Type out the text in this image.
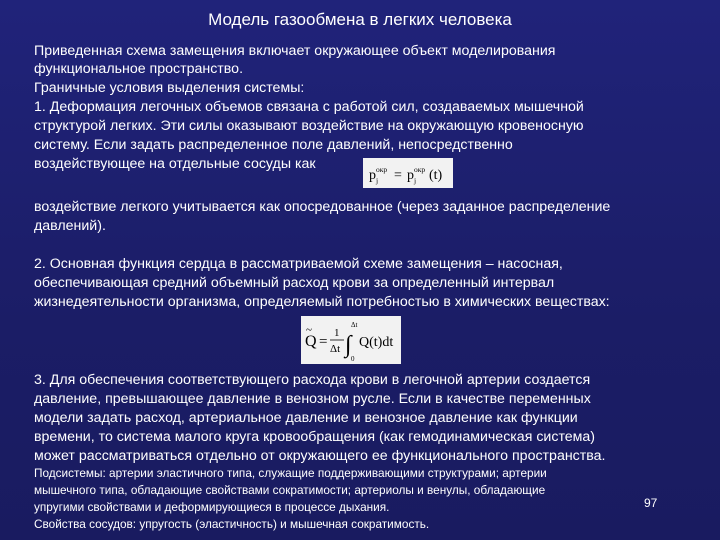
Модель газообмена в легких человека
Приведенная схема замещения включает окружающее объект моделирования
функциональное пространство.
Граничные условия выделения системы:
1. Деформация легочных объемов связана с работой сил, создаваемых мышечной
структурой легких. Эти силы оказывают воздействие на окружающую кровеносную
систему. Если задать распределенное поле давлений, непосредственно
воздействующее на отдельные сосуды как
p окр
j = p окр
j (t)
воздействие легкого учитывается как опосредованное (через заданное распределение
давлений).
2. Основная функция сердца в рассматриваемой схеме замещения – насосная,
обеспечивающая средний объемный расход крови за определенный интервал
жизнедеятельности организма, определяемый потребностью в химических веществах:
Q
~
=
1
Δt ∫
Δt
0
Q(t)dt
3. Для обеспечения соответствующего расхода крови в легочной артерии создается
давление, превышающее давление в венозном русле. Если в качестве переменных
модели задать расход, артериальное давление и венозное давление как функции
времени, то система малого круга кровообращения (как гемодинамическая система)
может рассматриваться отдельно от окружающего ее функционального пространства.
Подсистемы: артерии эластичного типа, служащие поддерживающими структурами; артерии
мышечного типа, обладающие свойствами сократимости; артериолы и венулы, обладающие
упругими свойствами и деформирующиеся в процессе дыхания.
Свойства сосудов: упругость (эластичность) и мышечная сократимость.
97
